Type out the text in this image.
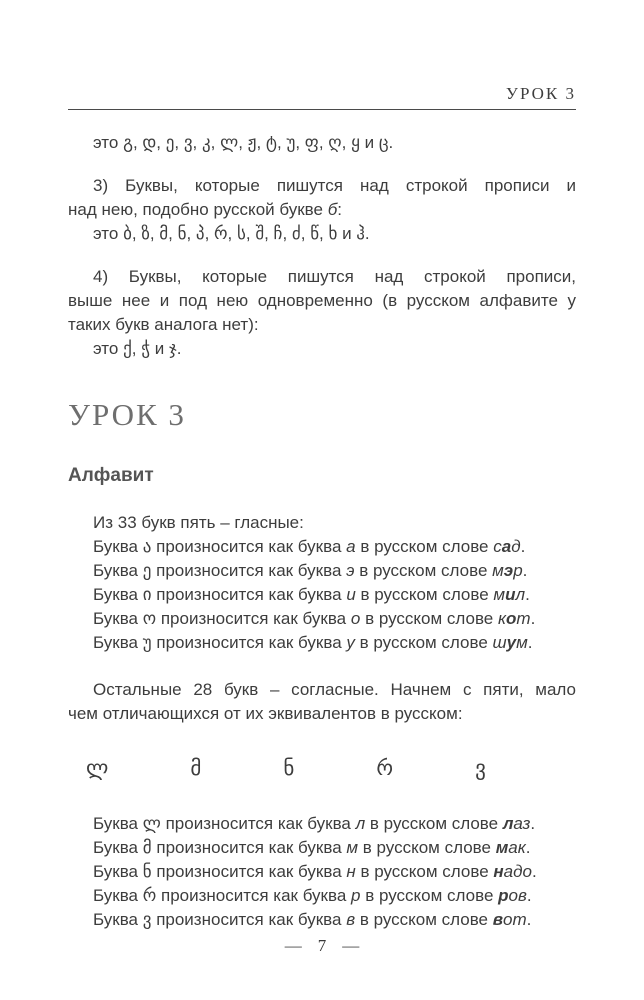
УРОК 3

это გ, დ, ე, ვ, კ, ლ, ჟ, ტ, უ, ფ, ღ, ყ и ც.

3) Буквы, которые пишутся над строкой прописи и
над нею, подобно русской букве б:
это ბ, ზ, მ, ნ, პ, რ, ს, შ, ჩ, ძ, წ, ხ и ჰ.
4) Буквы, которые пишутся над строкой прописи,
выше нее и под нею одновременно (в русском алфавите у
таких букв аналога нет):
это ქ, ჭ и ჯ.
УРОК 3
Алфавит

Из 33 букв пять – гласные:

Буква ა произносится как буква а в русском слове сад.

Буква ე произносится как буква э в русском слове мэр.

Буква ი произносится как буква и в русском слове мил.

Буква ო произносится как буква о в русском слове кот.

Буква უ произносится как буква у в русском слове шум.

Остальные 28 букв – согласные. Начнем с пяти, мало
чем отличающихся от их эквивалентов в русском:
ლ	მ	ნ	რ	ვ

Буква ლ произносится как буква л в русском слове лаз.

Буква მ произносится как буква м в русском слове мак.

Буква ნ произносится как буква н в русском слове надо.

Буква რ произносится как буква р в русском слове ров.

Буква ვ произносится как буква в в русском слове вот.

— 7 —
